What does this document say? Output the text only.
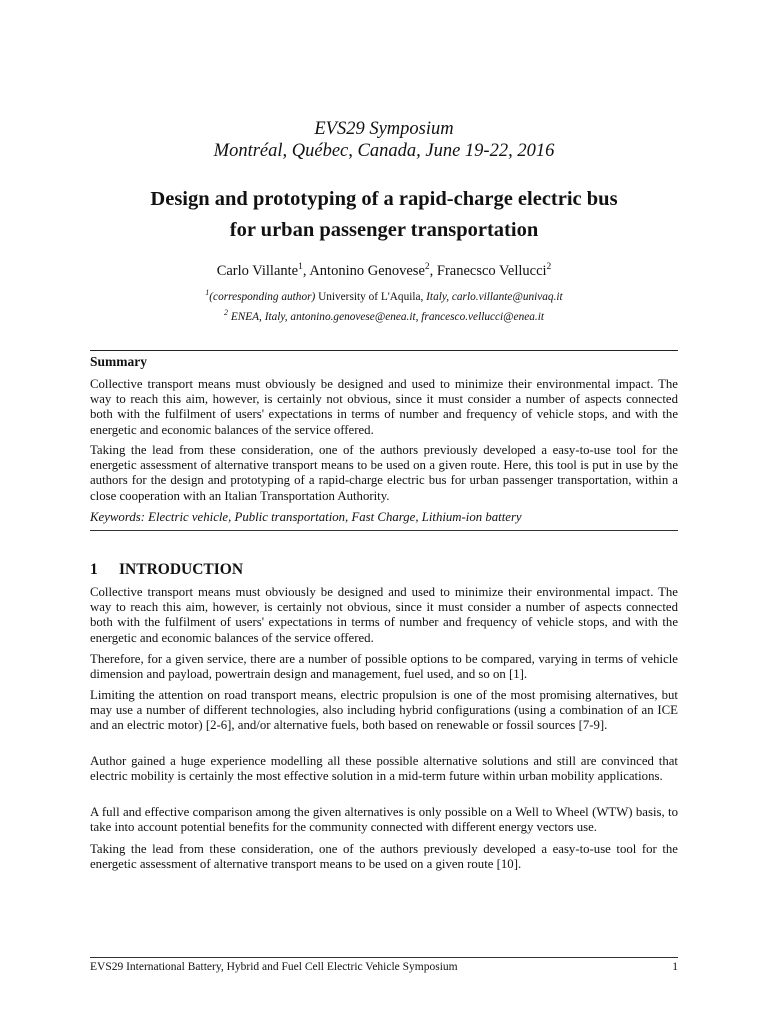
EVS29 Symposium
Montréal, Québec, Canada, June 19-22, 2016
Design and prototyping of a rapid-charge electric bus
for urban passenger transportation
Carlo Villante$^1$, Antonino Genovese$^2$, Franecsco Vellucci$^2$
$^1$(corresponding author) University of L'Aquila, Italy, carlo.villante@univaq.it
$^2$ ENEA, Italy, antonino.genovese@enea.it, francesco.vellucci@enea.it
Summary

Collective transport means must obviously be designed and used to minimize their environmental impact. The way to reach this aim, however, is certainly not obvious, since it must consider a number of aspects connected both with the fulfilment of users' expectations in terms of number and frequency of vehicle stops, and with the energetic and economic balances of the service offered.

Taking the lead from these consideration, one of the authors previously developed a easy-to-use tool for the energetic assessment of alternative transport means to be used on a given route. Here, this tool is put in use by the authors for the design and prototyping of a rapid-charge electric bus for urban passenger transportation, within a close cooperation with an Italian Transportation Authority.

Keywords: Electric vehicle, Public transportation, Fast Charge, Lithium-ion battery
1 INTRODUCTION

Collective transport means must obviously be designed and used to minimize their environmental impact. The way to reach this aim, however, is certainly not obvious, since it must consider a number of aspects connected both with the fulfilment of users' expectations in terms of number and frequency of vehicle stops, and with the energetic and economic balances of the service offered.

Therefore, for a given service, there are a number of possible options to be compared, varying in terms of vehicle dimension and payload, powertrain design and management, fuel used, and so on [1].

Limiting the attention on road transport means, electric propulsion is one of the most promising alternatives, but may use a number of different technologies, also including hybrid configurations (using a combination of an ICE and an electric motor) [2-6], and/or alternative fuels, both based on renewable or fossil sources [7-9].

Author gained a huge experience modelling all these possible alternative solutions and still are convinced that electric mobility is certainly the most effective solution in a mid-term future within urban mobility applications.

A full and effective comparison among the given alternatives is only possible on a Well to Wheel (WTW) basis, to take into account potential benefits for the community connected with different energy vectors use.

Taking the lead from these consideration, one of the authors previously developed a easy-to-use tool for the energetic assessment of alternative transport means to be used on a given route [10].

EVS29 International Battery, Hybrid and Fuel Cell Electric Vehicle Symposium	1
